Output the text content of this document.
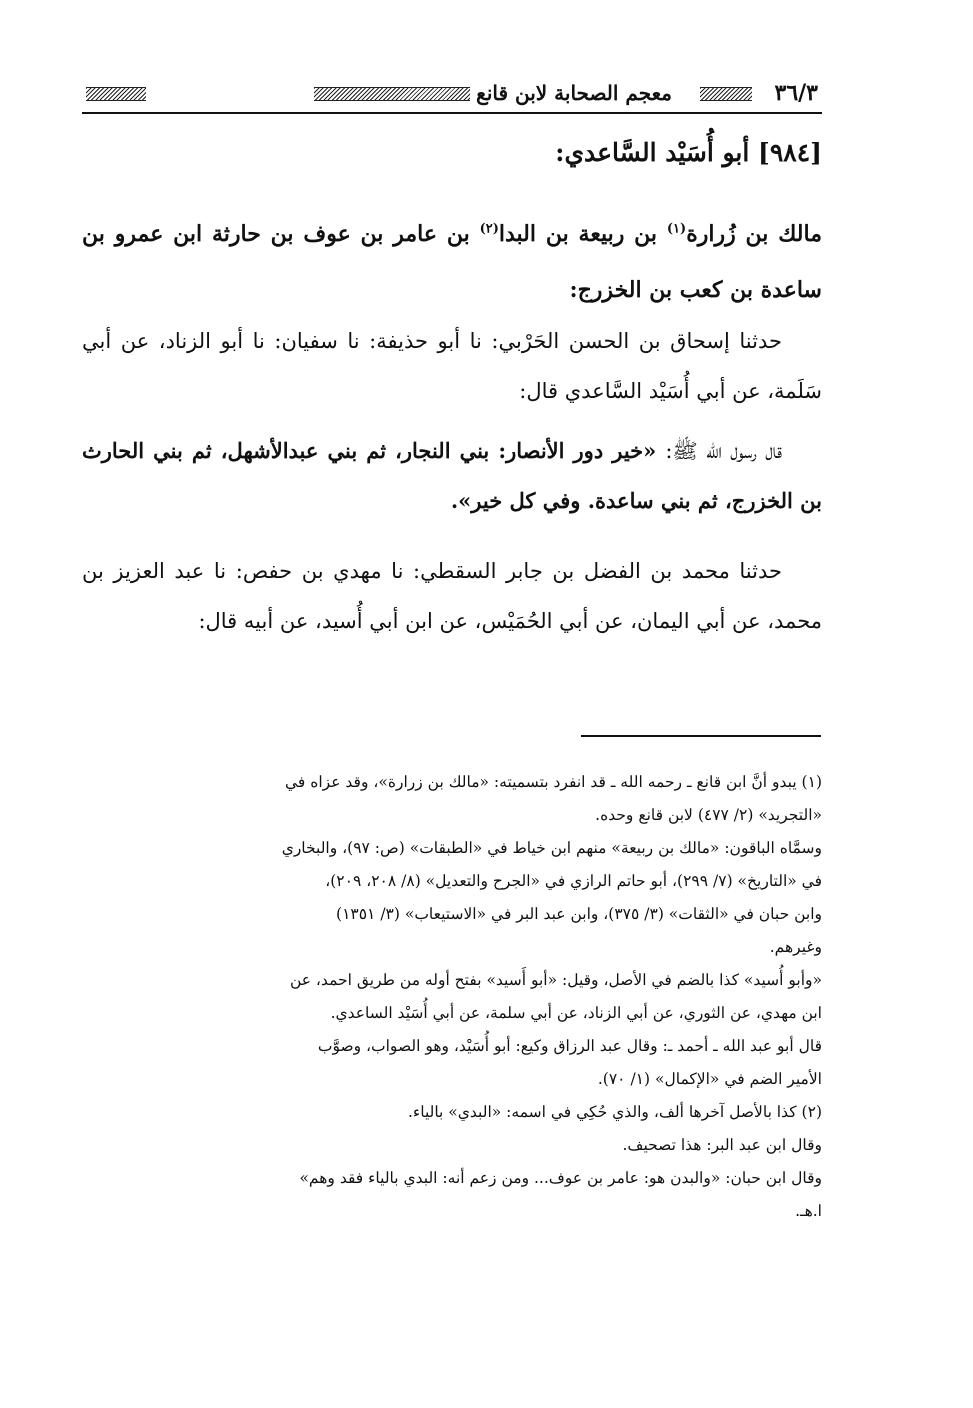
٣٦/٣
معجم الصحابة لابن قانع
[٩٨٤] أبو أُسَيْد السَّاعدي:
مالك بن زُرارة$^{(١)}$ بن ربيعة بن البدا$^{(٢)}$ بن عامر بن عوف بن حارثة ابن عمرو بن ساعدة بن كعب بن الخزرج:
حدثنا إسحاق بن الحسن الحَرْبي: نا أبو حذيفة: نا سفيان: نا أبو الزناد، عن أبي سَلَمة، عن أبي أُسَيْد السَّاعدي قال:
قال رسول الله ﷺ: «خير دور الأنصار: بني النجار، ثم بني عبدالأشهل، ثم بني الحارث بن الخزرج، ثم بني ساعدة. وفي كل خير».
حدثنا محمد بن الفضل بن جابر السقطي: نا مهدي بن حفص: نا عبد العزيز بن محمد، عن أبي اليمان، عن أبي الحُمَيْس، عن ابن أبي أُسيد، عن أبيه قال:
(١) يبدو أنَّ ابن قانع ـ رحمه الله ـ قد انفرد بتسميته: «مالك بن زرارة»، وقد عزاه في
«التجريد» (٢/ ٤٧٧) لابن قانع وحده.
وسمَّاه الباقون: «مالك بن ربيعة» منهم ابن خياط في «الطبقات» (ص: ٩٧)، والبخاري
في «التاريخ» (٧/ ٢٩٩)، أبو حاتم الرازي في «الجرح والتعديل» (٨/ ٢٠٨، ٢٠٩)،
وابن حبان في «الثقات» (٣/ ٣٧٥)، وابن عبد البر في «الاستيعاب» (٣/ ١٣٥١)
وغيرهم.
«وأبو أُسيد» كذا بالضم في الأصل، وقيل: «أبو أَسيد» بفتح أوله من طريق احمد، عن
ابن مهدي، عن الثوري، عن أبي الزناد، عن أبي سلمة، عن أبي أُسَيْد الساعدي.
قال أبو عبد الله ـ أحمد ـ: وقال عبد الرزاق وكيع: أبو أُسَيْد، وهو الصواب، وصوَّب
الأمير الضم في «الإكمال» (١/ ٧٠).
(٢) كذا بالأصل آخرها ألف، والذي حُكِي في اسمه: «البدي» بالياء.
وقال ابن عبد البر: هذا تصحيف.
وقال ابن حبان: «والبدن هو: عامر بن عوف... ومن زعم أنه: البدي بالياء فقد وهم»
ا.هـ.
